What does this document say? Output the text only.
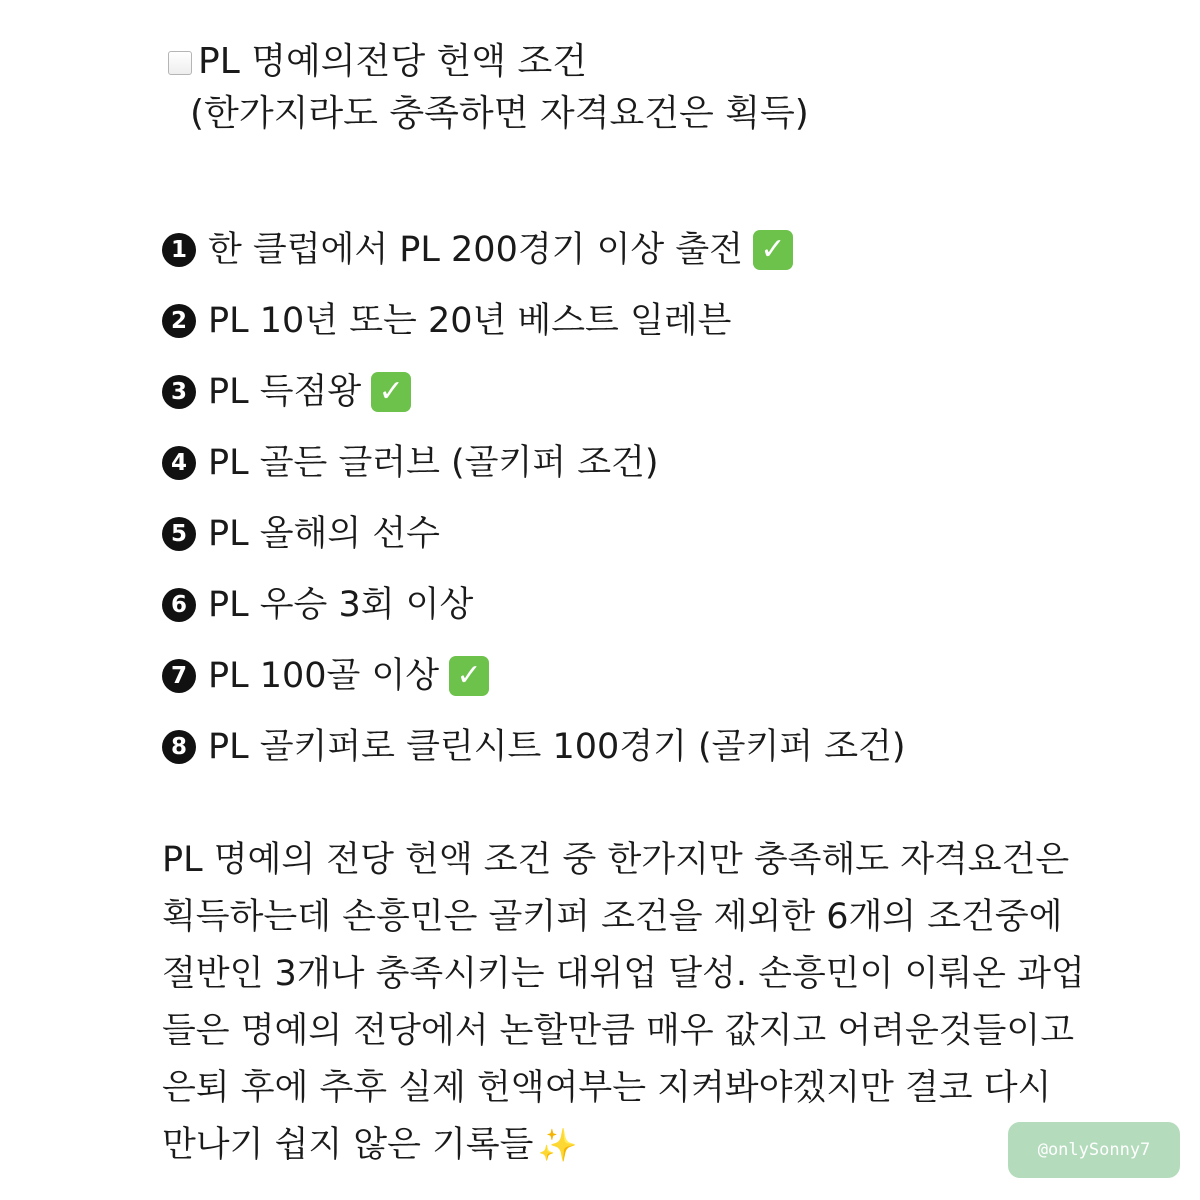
PL 명예의전당 헌액 조건
(한가지라도 충족하면 자격요건은 획득)
1 한 클럽에서 PL 200경기 이상 출전 ✓
2 PL 10년 또는 20년 베스트 일레븐
3 PL 득점왕 ✓
4 PL 골든 글러브 (골키퍼 조건)
5 PL 올해의 선수
6 PL 우승 3회 이상
7 PL 100골 이상 ✓
8 PL 골키퍼로 클린시트 100경기 (골키퍼 조건)
PL 명예의 전당 헌액 조건 중 한가지만 충족해도 자격요건은
획득하는데 손흥민은 골키퍼 조건을 제외한 6개의 조건중에
절반인 3개나 충족시키는 대위업 달성. 손흥민이 이뤄온 과업
들은 명예의 전당에서 논할만큼 매우 값지고 어려운것들이고
은퇴 후에 추후 실제 헌액여부는 지켜봐야겠지만 결코 다시
만나기 쉽지 않은 기록들 ✨	@onlySonny7
